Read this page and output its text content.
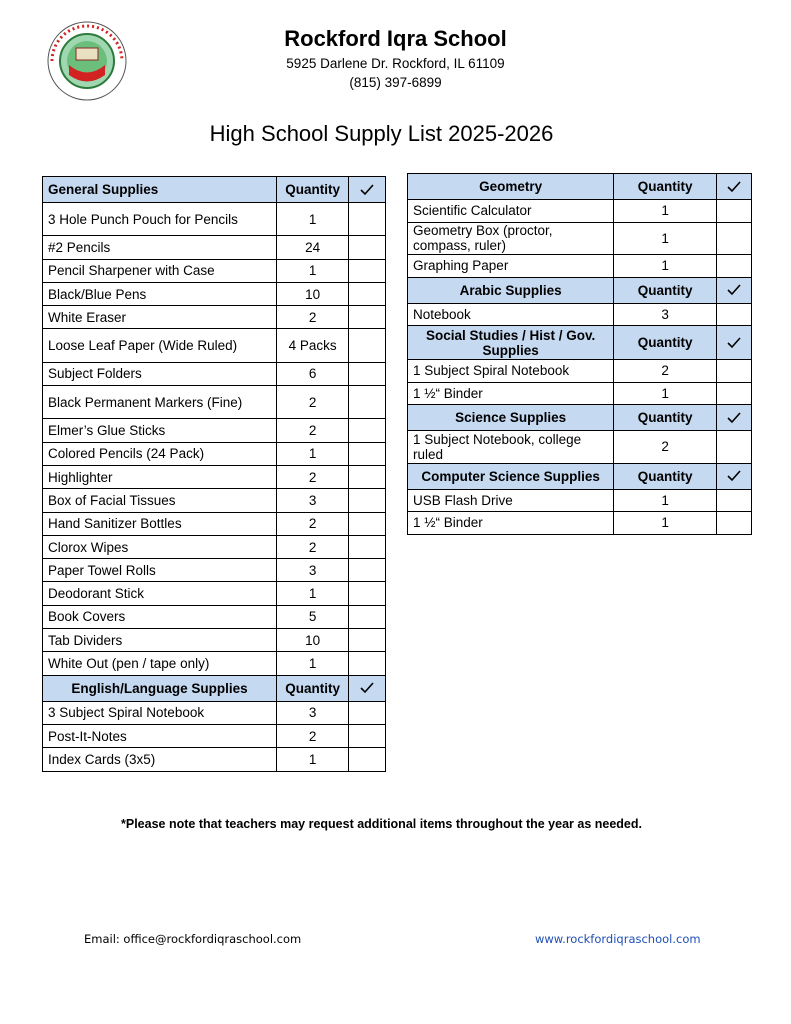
Rockford Iqra School
5925 Darlene Dr. Rockford, IL 61109
(815) 397-6899
High School Supply List 2025-2026
General Supplies	Quantity	

3 Hole Punch Pouch for Pencils	1	
#2 Pencils	24	
Pencil Sharpener with Case	1	
Black/Blue Pens	10	
White Eraser	2	
Loose Leaf Paper (Wide Ruled)	4 Packs	
Subject Folders	6	
Black Permanent Markers (Fine)	2	
Elmer’s Glue Sticks	2	
Colored Pencils (24 Pack)	1	
Highlighter	2	
Box of Facial Tissues	3	
Hand Sanitizer Bottles	2	
Clorox Wipes	2	
Paper Towel Rolls	3	
Deodorant Stick	1	
Book Covers	5	
Tab Dividers	10	
White Out (pen / tape only)	1	
English/Language Supplies	Quantity	

3 Subject Spiral Notebook	3	
Post-It-Notes	2	
Index Cards (3x5)	1	
Geometry	Quantity	

Scientific Calculator	1	
Geometry Box (proctor, compass, ruler)	1	
Graphing Paper	1	
Arabic Supplies	Quantity	

Notebook	3	
Social Studies / Hist / Gov. Supplies	Quantity	

1 Subject Spiral Notebook	2	
1 ½“ Binder	1	
Science Supplies	Quantity	

1 Subject Notebook, college ruled	2	
Computer Science Supplies	Quantity	

USB Flash Drive	1	
1 ½“ Binder	1	
*Please note that teachers may request additional items throughout the year as needed.
Email: office@rockfordiqraschool.com	www.rockfordiqraschool.com
